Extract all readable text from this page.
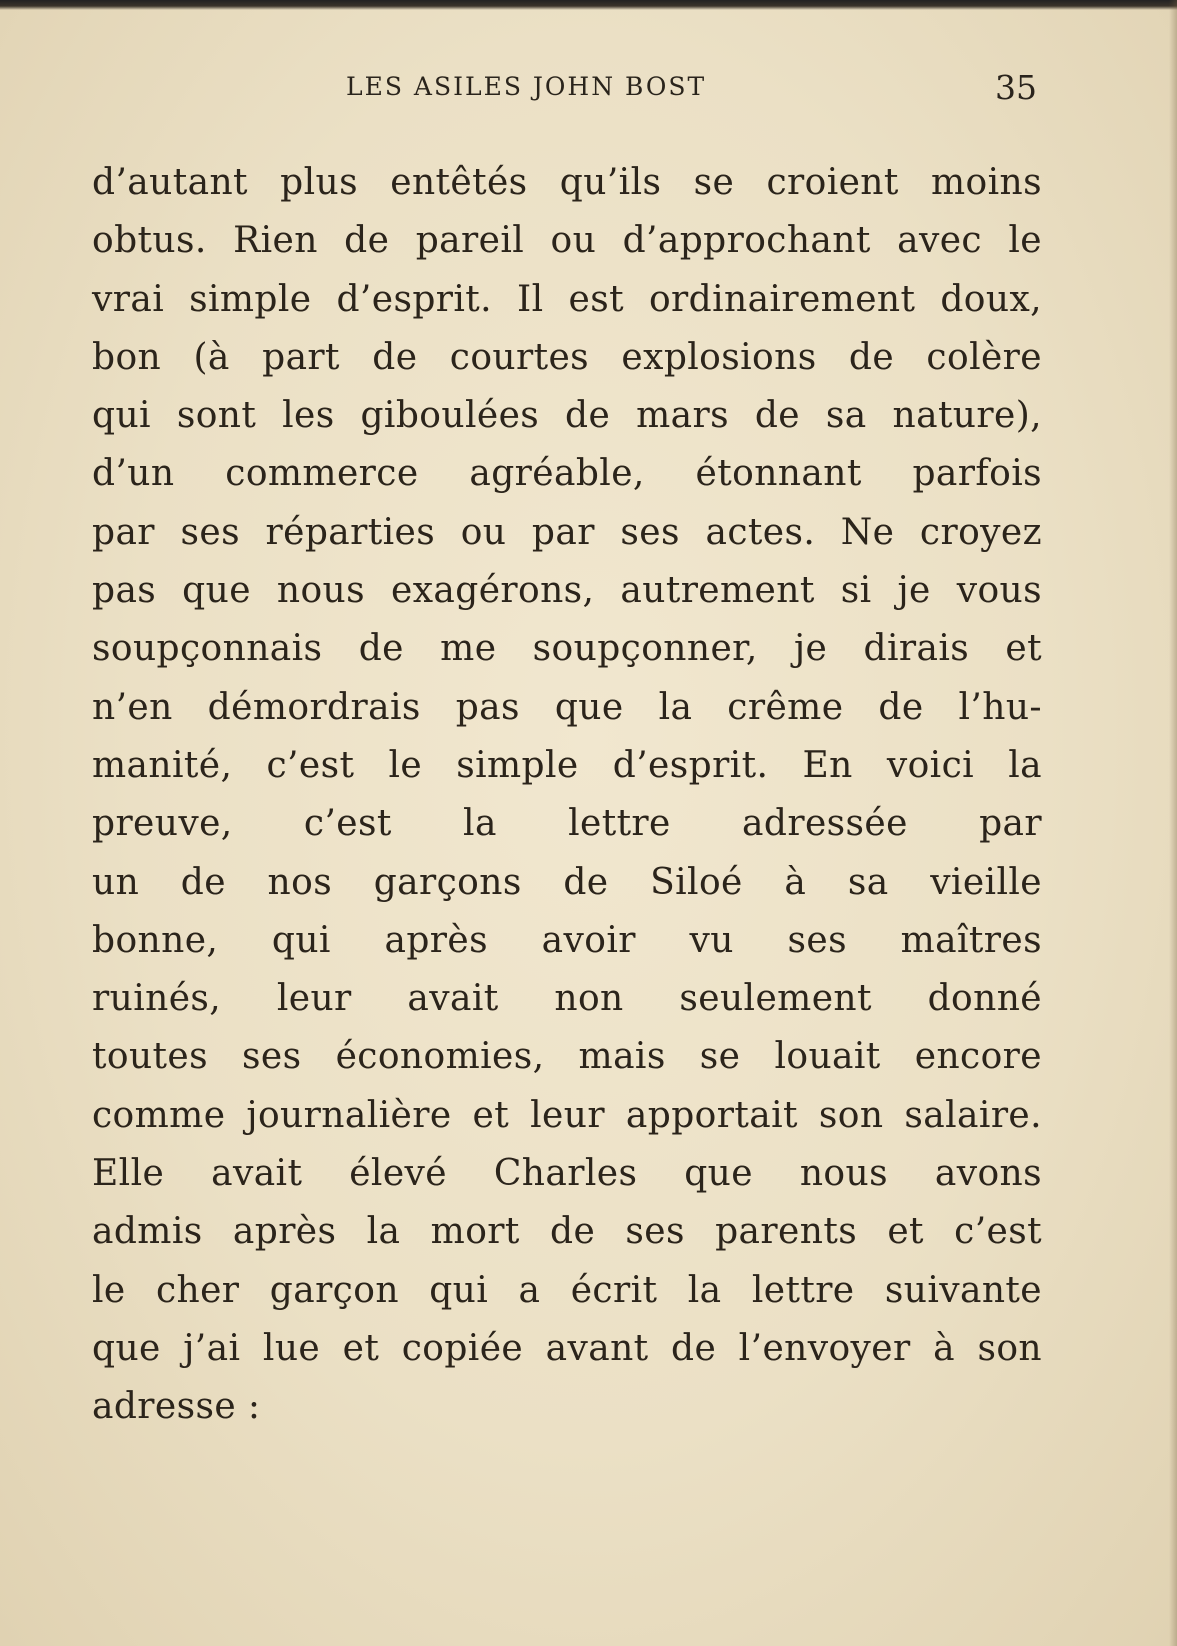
LES ASILES JOHN BOST	35
d’autant plus entêtés qu’ils se croient moins
obtus. Rien de pareil ou d’approchant avec le
vrai simple d’esprit. Il est ordinairement doux,
bon (à part de courtes explosions de colère
qui sont les giboulées de mars de sa nature),
d’un commerce agréable, étonnant parfois
par ses réparties ou par ses actes. Ne croyez
pas que nous exagérons, autrement si je vous
soupçonnais de me soupçonner, je dirais et
n’en démordrais pas que la crême de l’hu-
manité, c’est le simple d’esprit. En voici la
preuve, c’est la lettre adressée par
un de nos garçons de Siloé à sa vieille
bonne, qui après avoir vu ses maîtres
ruinés, leur avait non seulement donné
toutes ses économies, mais se louait encore
comme journalière et leur apportait son salaire.
Elle avait élevé Charles que nous avons
admis après la mort de ses parents et c’est
le cher garçon qui a écrit la lettre suivante
que j’ai lue et copiée avant de l’envoyer à son
adresse :
